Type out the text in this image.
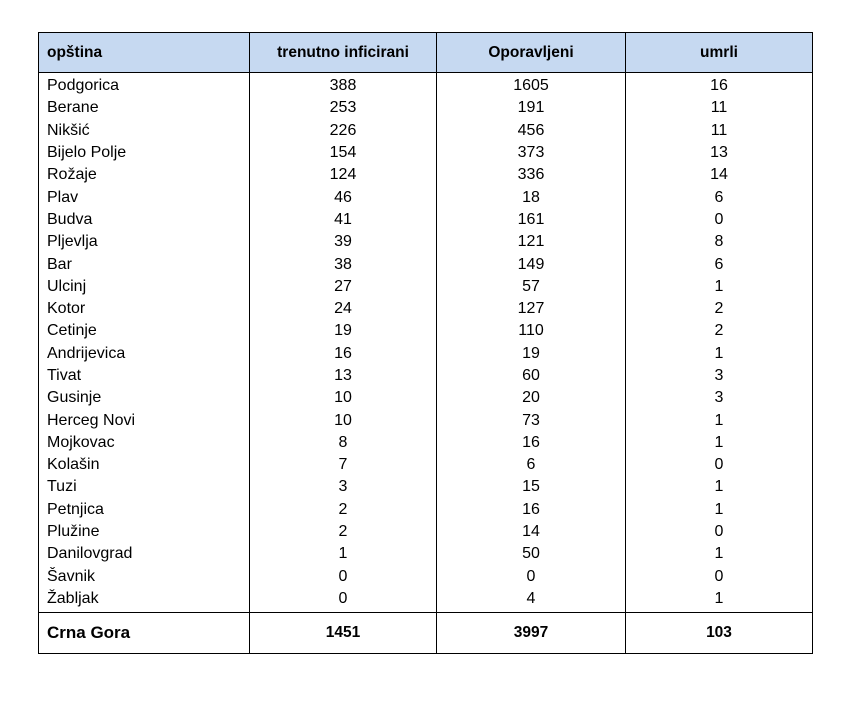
opština	trenutno inficirani	Oporavljeni	umrli
Podgorica	388	1605	16
Berane	253	191	11
Nikšić	226	456	11
Bijelo Polje	154	373	13
Rožaje	124	336	14
Plav	46	18	6
Budva	41	161	0
Pljevlja	39	121	8
Bar	38	149	6
Ulcinj	27	57	1
Kotor	24	127	2
Cetinje	19	110	2
Andrijevica	16	19	1
Tivat	13	60	3
Gusinje	10	20	3
Herceg Novi	10	73	1
Mojkovac	8	16	1
Kolašin	7	6	0
Tuzi	3	15	1
Petnjica	2	16	1
Plužine	2	14	0
Danilovgrad	1	50	1
Šavnik	0	0	0
Žabljak	0	4	1
Crna Gora	1451	3997	103
